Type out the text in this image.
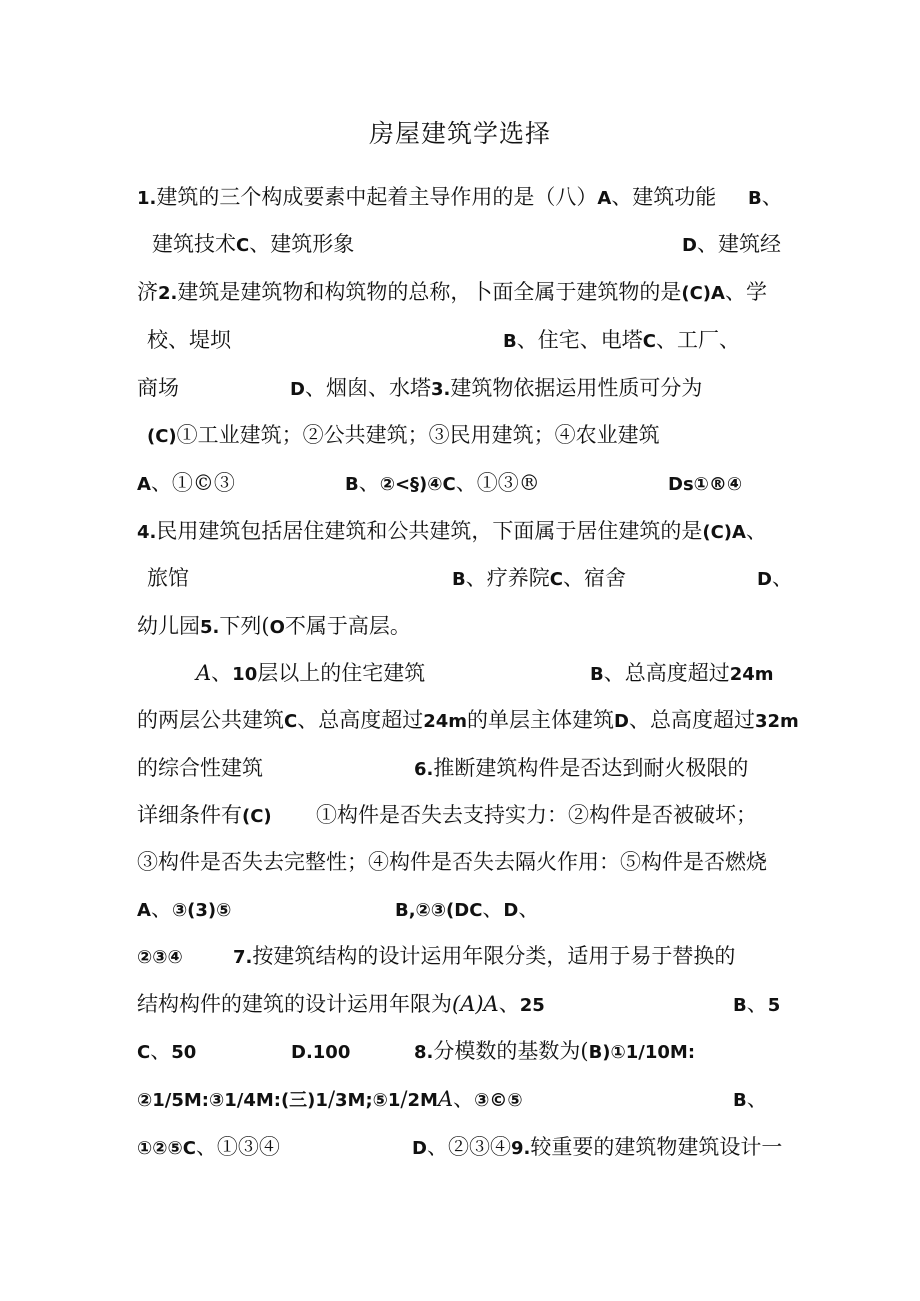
房屋建筑学选择
1.建筑的三个构成要素中起着主导作用的是（八）A、建筑功能 B、
建筑技术C、建筑形象	D、建筑经
济2.建筑是建筑物和构筑物的总称，卜面全属于建筑物的是(C)A、学
校、堤坝	B、住宅、电塔C、工厂、
商场	D、烟囱、水塔3.建筑物依据运用性质可分为
(C)①工业建筑；②公共建筑；③民用建筑；④农业建筑
A、①©③	B、②<§)④C、①③®	Ds①®④
4.民用建筑包括居住建筑和公共建筑，下面属于居住建筑的是(C)A、
旅馆	B、疗养院C、宿舍	D、
幼儿园5.下列(O不属于高层。
A、10层以上的住宅建筑	B、总高度超过24m
的两层公共建筑C、总高度超过24m的单层主体建筑D、总高度超过32m
的综合性建筑	6.推断建筑构件是否达到耐火极限的
详细条件有(C) ①构件是否失去支持实力：②构件是否被破坏；
③构件是否失去完整性；④构件是否失去隔火作用：⑤构件是否燃烧
A、③(3)⑤	B,②③(DC、D、
②③④	7.按建筑结构的设计运用年限分类，适用于易于替换的
结构构件的建筑的设计运用年限为(A)A、25	B、5
C、50	D.100	8.分模数的基数为(B)①1/10M:
②1/5M:③1/4M:(三)1/3M;⑤1/2MA、③©⑤	B、
①②⑤C、①③④	D、②③④9.较重要的建筑物建筑设计一
